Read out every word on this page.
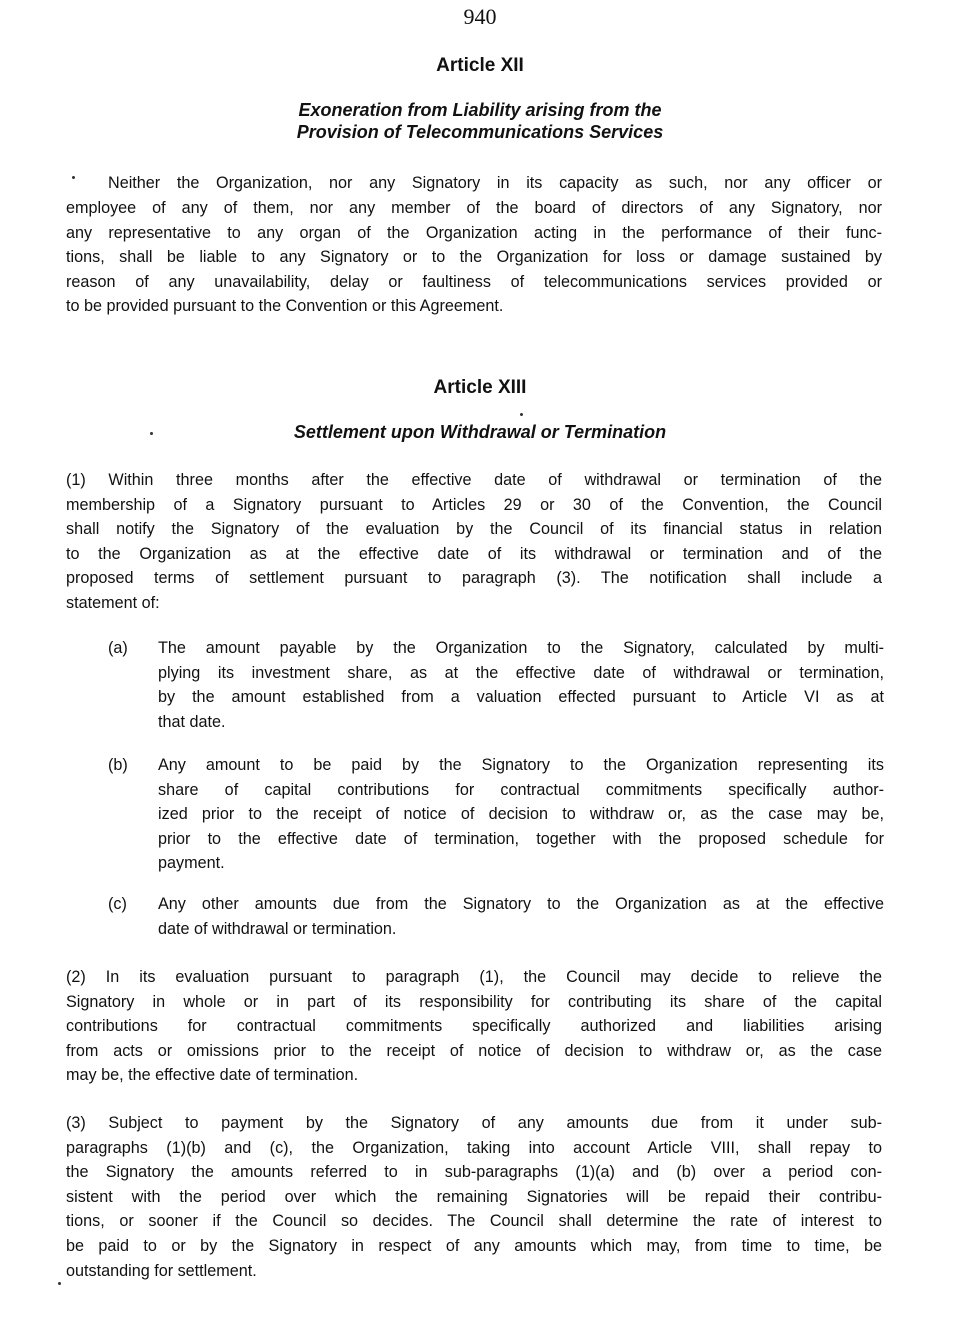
940
Article XII
Exoneration from Liability arising from the
Provision of Telecommunications Services
Neither the Organization, nor any Signatory in its capacity as such, nor any officer or
employee of any of them, nor any member of the board of directors of any Signatory, nor
any representative to any organ of the Organization acting in the performance of their func-
tions, shall be liable to any Signatory or to the Organization for loss or damage sustained by
reason of any unavailability, delay or faultiness of telecommunications services provided or
to be provided pursuant to the Convention or this Agreement.
Article XIII
Settlement upon Withdrawal or Termination
(1) Within three months after the effective date of withdrawal or termination of the
membership of a Signatory pursuant to Articles 29 or 30 of the Convention, the Council
shall notify the Signatory of the evaluation by the Council of its financial status in relation
to the Organization as at the effective date of its withdrawal or termination and of the
proposed terms of settlement pursuant to paragraph (3). The notification shall include a
statement of:
(a) The amount payable by the Organization to the Signatory, calculated by multi-
plying its investment share, as at the effective date of withdrawal or termination,
by the amount established from a valuation effected pursuant to Article VI as at
that date.
(b) Any amount to be paid by the Signatory to the Organization representing its
share of capital contributions for contractual commitments specifically author-
ized prior to the receipt of notice of decision to withdraw or, as the case may be,
prior to the effective date of termination, together with the proposed schedule for
payment.
(c) Any other amounts due from the Signatory to the Organization as at the effective
date of withdrawal or termination.
(2) In its evaluation pursuant to paragraph (1), the Council may decide to relieve the
Signatory in whole or in part of its responsibility for contributing its share of the capital
contributions for contractual commitments specifically authorized and liabilities arising
from acts or omissions prior to the receipt of notice of decision to withdraw or, as the case
may be, the effective date of termination.
(3) Subject to payment by the Signatory of any amounts due from it under sub-
paragraphs (1)(b) and (c), the Organization, taking into account Article VIII, shall repay to
the Signatory the amounts referred to in sub-paragraphs (1)(a) and (b) over a period con-
sistent with the period over which the remaining Signatories will be repaid their contribu-
tions, or sooner if the Council so decides. The Council shall determine the rate of interest to
be paid to or by the Signatory in respect of any amounts which may, from time to time, be
outstanding for settlement.
